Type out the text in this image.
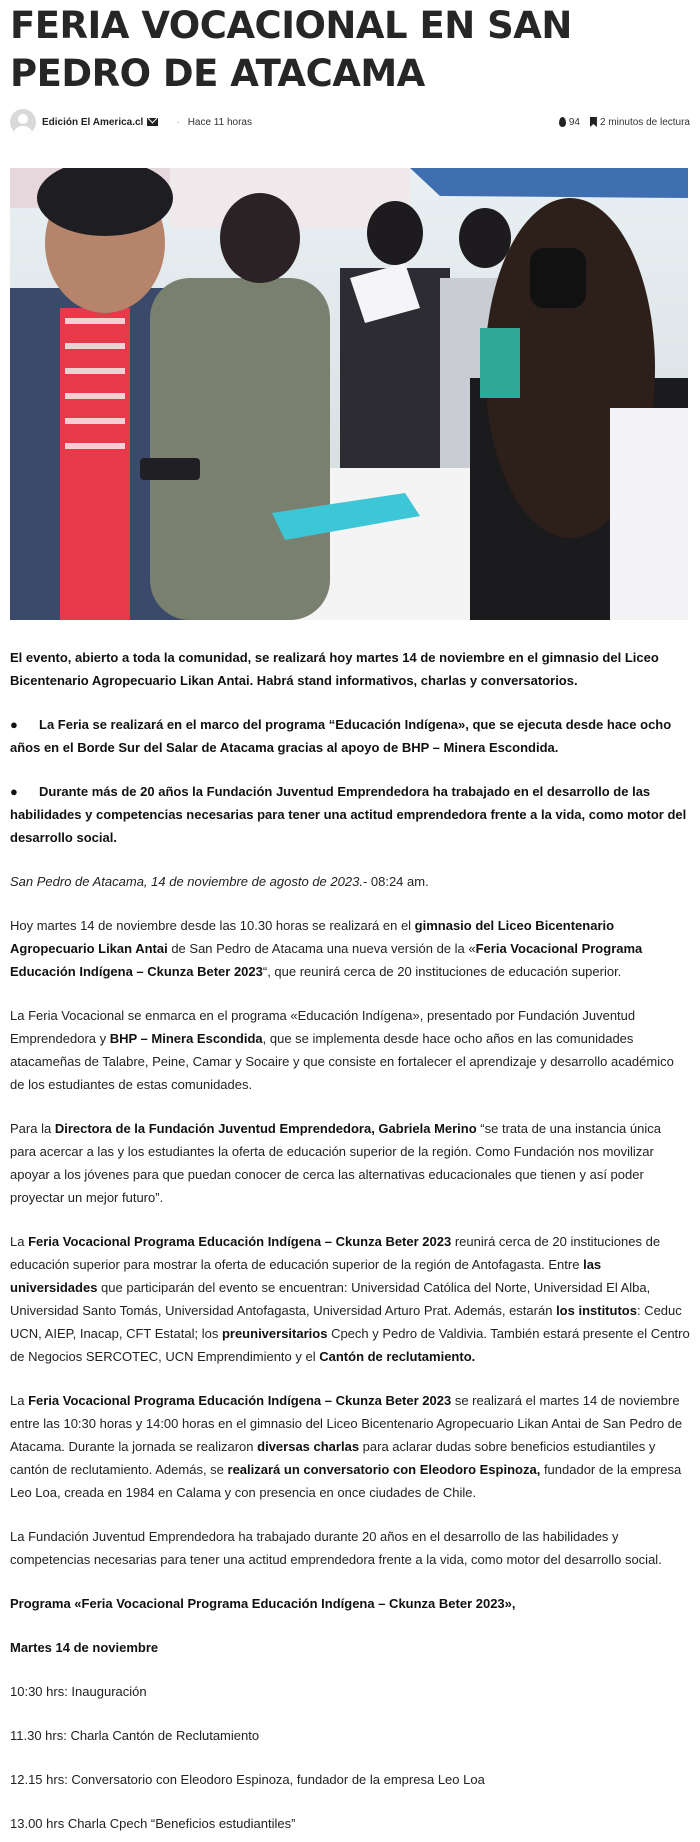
FERIA VOCACIONAL EN SAN PEDRO DE ATACAMA
Edición El America.cl	· Hace 11 horas	94 2 minutos de lectura

El evento, abierto a toda la comunidad, se realizará hoy martes 14 de noviembre en el gimnasio del Liceo Bicentenario Agropecuario Likan Antai. Habrá stand informativos, charlas y conversatorios.

● La Feria se realizará en el marco del programa “Educación Indígena», que se ejecuta desde hace ocho años en el Borde Sur del Salar de Atacama gracias al apoyo de BHP – Minera Escondida.

● Durante más de 20 años la Fundación Juventud Emprendedora ha trabajado en el desarrollo de las habilidades y competencias necesarias para tener una actitud emprendedora frente a la vida, como motor del desarrollo social.

San Pedro de Atacama, 14 de noviembre de agosto de 2023.- 08:24 am.

Hoy martes 14 de noviembre desde las 10.30 horas se realizará en el gimnasio del Liceo Bicentenario Agropecuario Likan Antai de San Pedro de Atacama una nueva versión de la «Feria Vocacional Programa Educación Indígena – Ckunza Beter 2023“, que reunirá cerca de 20 instituciones de educación superior.

La Feria Vocacional se enmarca en el programa «Educación Indígena», presentado por Fundación Juventud Emprendedora y BHP – Minera Escondida, que se implementa desde hace ocho años en las comunidades atacameñas de Talabre, Peine, Camar y Socaire y que consiste en fortalecer el aprendizaje y desarrollo académico de los estudiantes de estas comunidades.

Para la Directora de la Fundación Juventud Emprendedora, Gabriela Merino “se trata de una instancia única para acercar a las y los estudiantes la oferta de educación superior de la región. Como Fundación nos movilizar apoyar a los jóvenes para que puedan conocer de cerca las alternativas educacionales que tienen y así poder proyectar un mejor futuro”.

La Feria Vocacional Programa Educación Indígena – Ckunza Beter 2023 reunirá cerca de 20 instituciones de educación superior para mostrar la oferta de educación superior de la región de Antofagasta. Entre las universidades que participarán del evento se encuentran: Universidad Católica del Norte, Universidad El Alba, Universidad Santo Tomás, Universidad Antofagasta, Universidad Arturo Prat. Además, estarán los institutos: Ceduc UCN, AIEP, Inacap, CFT Estatal; los preuniversitarios Cpech y Pedro de Valdivia. También estará presente el Centro de Negocios SERCOTEC, UCN Emprendimiento y el Cantón de reclutamiento.

La Feria Vocacional Programa Educación Indígena – Ckunza Beter 2023 se realizará el martes 14 de noviembre entre las 10:30 horas y 14:00 horas en el gimnasio del Liceo Bicentenario Agropecuario Likan Antai de San Pedro de Atacama. Durante la jornada se realizaron diversas charlas para aclarar dudas sobre beneficios estudiantiles y cantón de reclutamiento. Además, se realizará un conversatorio con Eleodoro Espinoza, fundador de la empresa Leo Loa, creada en 1984 en Calama y con presencia en once ciudades de Chile.

La Fundación Juventud Emprendedora ha trabajado durante 20 años en el desarrollo de las habilidades y competencias necesarias para tener una actitud emprendedora frente a la vida, como motor del desarrollo social.

Programa «Feria Vocacional Programa Educación Indígena – Ckunza Beter 2023»,

Martes 14 de noviembre

10:30 hrs: Inauguración

11.30 hrs: Charla Cantón de Reclutamiento

12.15 hrs: Conversatorio con Eleodoro Espinoza, fundador de la empresa Leo Loa

13.00 hrs Charla Cpech “Beneficios estudiantiles”
